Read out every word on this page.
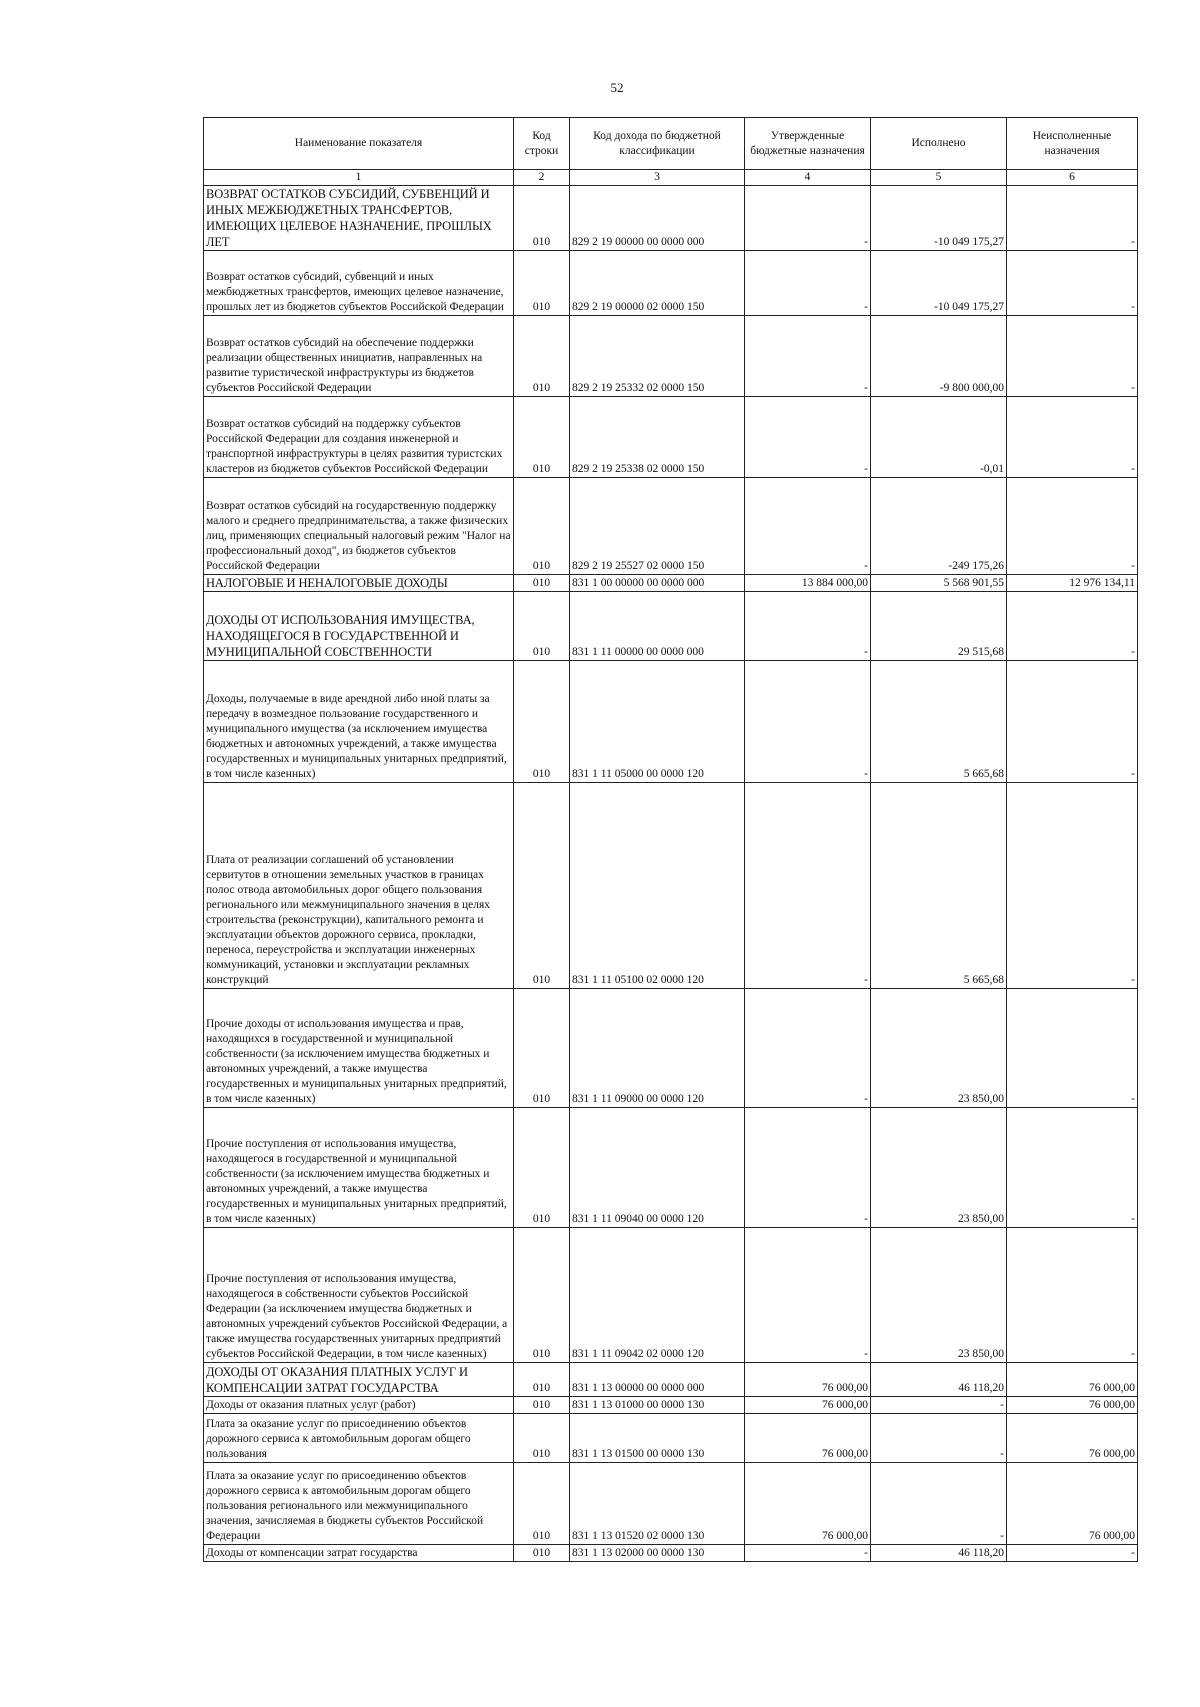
52
Наименование показателя	Код строки	Код дохода по бюджетной классификации	Утвержденные бюджетные назначения	Исполнено	Неисполненные назначения
1	2	3	4	5	6
ВОЗВРАТ ОСТАТКОВ СУБСИДИЙ, СУБВЕНЦИЙ И ИНЫХ МЕЖБЮДЖЕТНЫХ ТРАНСФЕРТОВ, ИМЕЮЩИХ ЦЕЛЕВОЕ НАЗНАЧЕНИЕ, ПРОШЛЫХ ЛЕТ	010	829 2 19 00000 00 0000 000	-	-10 049 175,27	-
Возврат остатков субсидий, субвенций и иных межбюджетных трансфертов, имеющих целевое назначение, прошлых лет из бюджетов субъектов Российской Федерации	010	829 2 19 00000 02 0000 150	-	-10 049 175,27	-
Возврат остатков субсидий на обеспечение поддержки реализации общественных инициатив, направленных на развитие туристической инфраструктуры из бюджетов субъектов Российской Федерации	010	829 2 19 25332 02 0000 150	-	-9 800 000,00	-
Возврат остатков субсидий на поддержку субъектов Российской Федерации для создания инженерной и транспортной инфраструктуры в целях развития туристских кластеров из бюджетов субъектов Российской Федерации	010	829 2 19 25338 02 0000 150	-	-0,01	-
Возврат остатков субсидий на государственную поддержку малого и среднего предпринимательства, а также физических лиц, применяющих специальный налоговый режим "Налог на профессиональный доход", из бюджетов субъектов Российской Федерации	010	829 2 19 25527 02 0000 150	-	-249 175,26	-
НАЛОГОВЫЕ И НЕНАЛОГОВЫЕ ДОХОДЫ	010	831 1 00 00000 00 0000 000	13 884 000,00	5 568 901,55	12 976 134,11
ДОХОДЫ ОТ ИСПОЛЬЗОВАНИЯ ИМУЩЕСТВА, НАХОДЯЩЕГОСЯ В ГОСУДАРСТВЕННОЙ И МУНИЦИПАЛЬНОЙ СОБСТВЕННОСТИ	010	831 1 11 00000 00 0000 000	-	29 515,68	-
Доходы, получаемые в виде арендной либо иной платы за передачу в возмездное пользование государственного и муниципального имущества (за исключением имущества бюджетных и автономных учреждений, а также имущества государственных и муниципальных унитарных предприятий, в том числе казенных)	010	831 1 11 05000 00 0000 120	-	5 665,68	-
Плата от реализации соглашений об установлении сервитутов в отношении земельных участков в границах полос отвода автомобильных дорог общего пользования регионального или межмуниципального значения в целях строительства (реконструкции), капитального ремонта и эксплуатации объектов дорожного сервиса, прокладки, переноса, переустройства и эксплуатации инженерных коммуникаций, установки и эксплуатации рекламных конструкций	010	831 1 11 05100 02 0000 120	-	5 665,68	-
Прочие доходы от использования имущества и прав, находящихся в государственной и муниципальной собственности (за исключением имущества бюджетных и автономных учреждений, а также имущества государственных и муниципальных унитарных предприятий, в том числе казенных)	010	831 1 11 09000 00 0000 120	-	23 850,00	-
Прочие поступления от использования имущества, находящегося в государственной и муниципальной собственности (за исключением имущества бюджетных и автономных учреждений, а также имущества государственных и муниципальных унитарных предприятий, в том числе казенных)	010	831 1 11 09040 00 0000 120	-	23 850,00	-
Прочие поступления от использования имущества, находящегося в собственности субъектов Российской Федерации (за исключением имущества бюджетных и автономных учреждений субъектов Российской Федерации, а также имущества государственных унитарных предприятий субъектов Российской Федерации, в том числе казенных)	010	831 1 11 09042 02 0000 120	-	23 850,00	-
ДОХОДЫ ОТ ОКАЗАНИЯ ПЛАТНЫХ УСЛУГ И КОМПЕНСАЦИИ ЗАТРАТ ГОСУДАРСТВА	010	831 1 13 00000 00 0000 000	76 000,00	46 118,20	76 000,00
Доходы от оказания платных услуг (работ)	010	831 1 13 01000 00 0000 130	76 000,00	-	76 000,00
Плата за оказание услуг по присоединению объектов дорожного сервиса к автомобильным дорогам общего пользования	010	831 1 13 01500 00 0000 130	76 000,00	-	76 000,00
Плата за оказание услуг по присоединению объектов дорожного сервиса к автомобильным дорогам общего пользования регионального или межмуниципального значения, зачисляемая в бюджеты субъектов Российской Федерации	010	831 1 13 01520 02 0000 130	76 000,00	-	76 000,00
Доходы от компенсации затрат государства	010	831 1 13 02000 00 0000 130	-	46 118,20	-
